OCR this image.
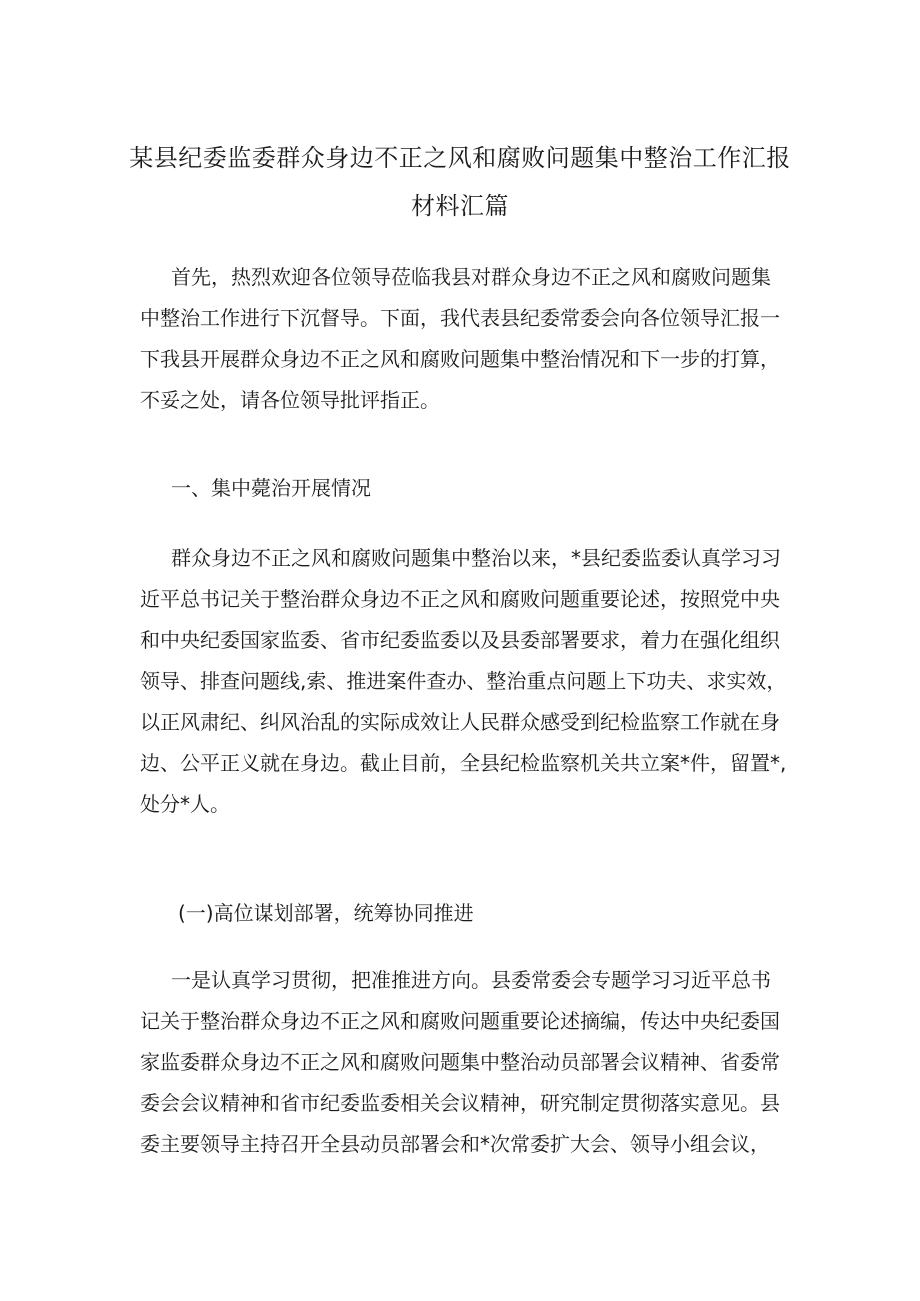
某县纪委监委群众身边不正之风和腐败问题集中整治工作汇报
材料汇篇
首先，热烈欢迎各位领导莅临我县对群众身边不正之风和腐败问题集
中整治工作进行下沉督导。下面，我代表县纪委常委会向各位领导汇报一
下我县开展群众身边不正之风和腐败问题集中整治情况和下一步的打算，
不妥之处，请各位领导批评指正。
一、集中薨治开展情况
群众身边不正之风和腐败问题集中整治以来，*县纪委监委认真学习习
近平总书记关于整治群众身边不正之风和腐败问题重要论述，按照党中央
和中央纪委国家监委、省市纪委监委以及县委部署要求，着力在强化组织
领导、排查问题线,索、推进案件查办、整治重点问题上下功夫、求实效，
以正风肃纪、纠风治乱的实际成效让人民群众感受到纪检监察工作就在身
边、公平正义就在身边。截止目前，全县纪检监察机关共立案*件，留置*,
处分*人。
(一)高位谋划部署，统筹协同推进
一是认真学习贯彻，把准推进方向。县委常委会专题学习习近平总书
记关于整治群众身边不正之风和腐败问题重要论述摘编，传达中央纪委国
家监委群众身边不正之风和腐败问题集中整治动员部署会议精神、省委常
委会会议精神和省市纪委监委相关会议精神，研究制定贯彻落实意见。县
委主要领导主持召开全县动员部署会和*次常委扩大会、领导小组会议，
